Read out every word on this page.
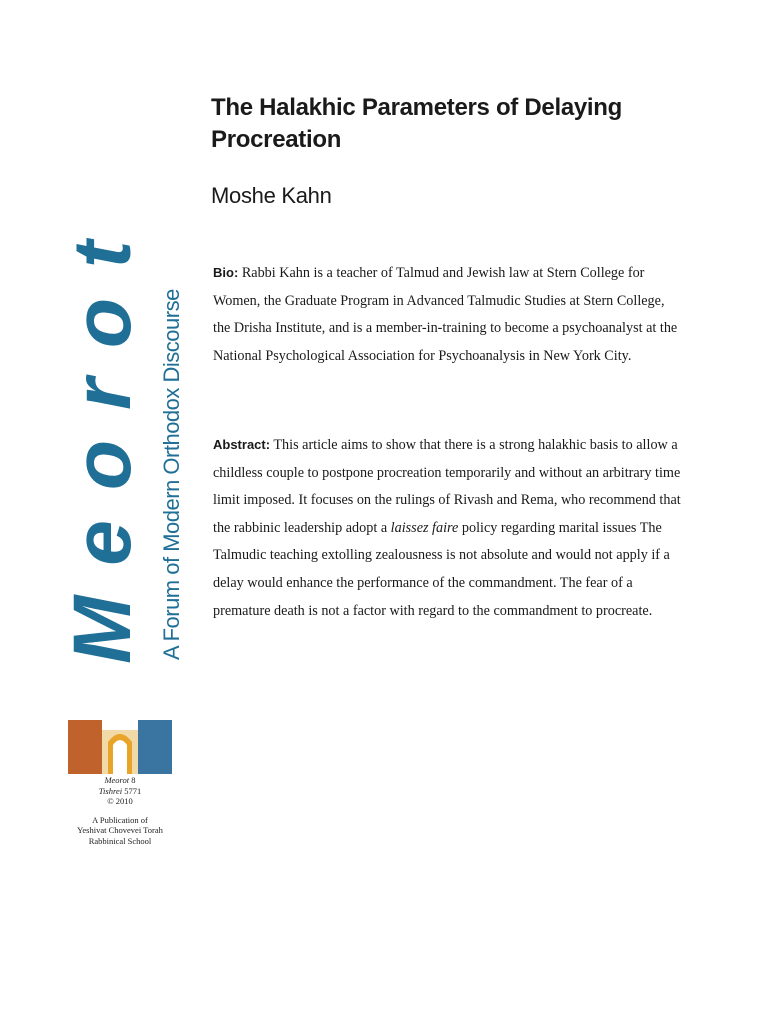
Meorot A Forum of Modern Orthodox Discourse
Meorot 8
Tishrei 5771
© 2010
A Publication of
Yeshivat Chovevei Torah
Rabbinical School
The Halakhic Parameters of Delaying Procreation
Moshe Kahn

Bio: Rabbi Kahn is a teacher of Talmud and Jewish law at Stern College for Women, the Graduate Program in Advanced Talmudic Studies at Stern College, the Drisha Institute, and is a member-in-training to become a psychoanalyst at the National Psychological Association for Psychoanalysis in New York City.

Abstract: This article aims to show that there is a strong halakhic basis to allow a childless couple to postpone procreation temporarily and without an arbitrary time limit imposed. It focuses on the rulings of Rivash and Rema, who recommend that the rabbinic leadership adopt a laissez faire policy regarding marital issues The Talmudic teaching extolling zealousness is not absolute and would not apply if a delay would enhance the performance of the commandment. The fear of a premature death is not a factor with regard to the commandment to procreate.
